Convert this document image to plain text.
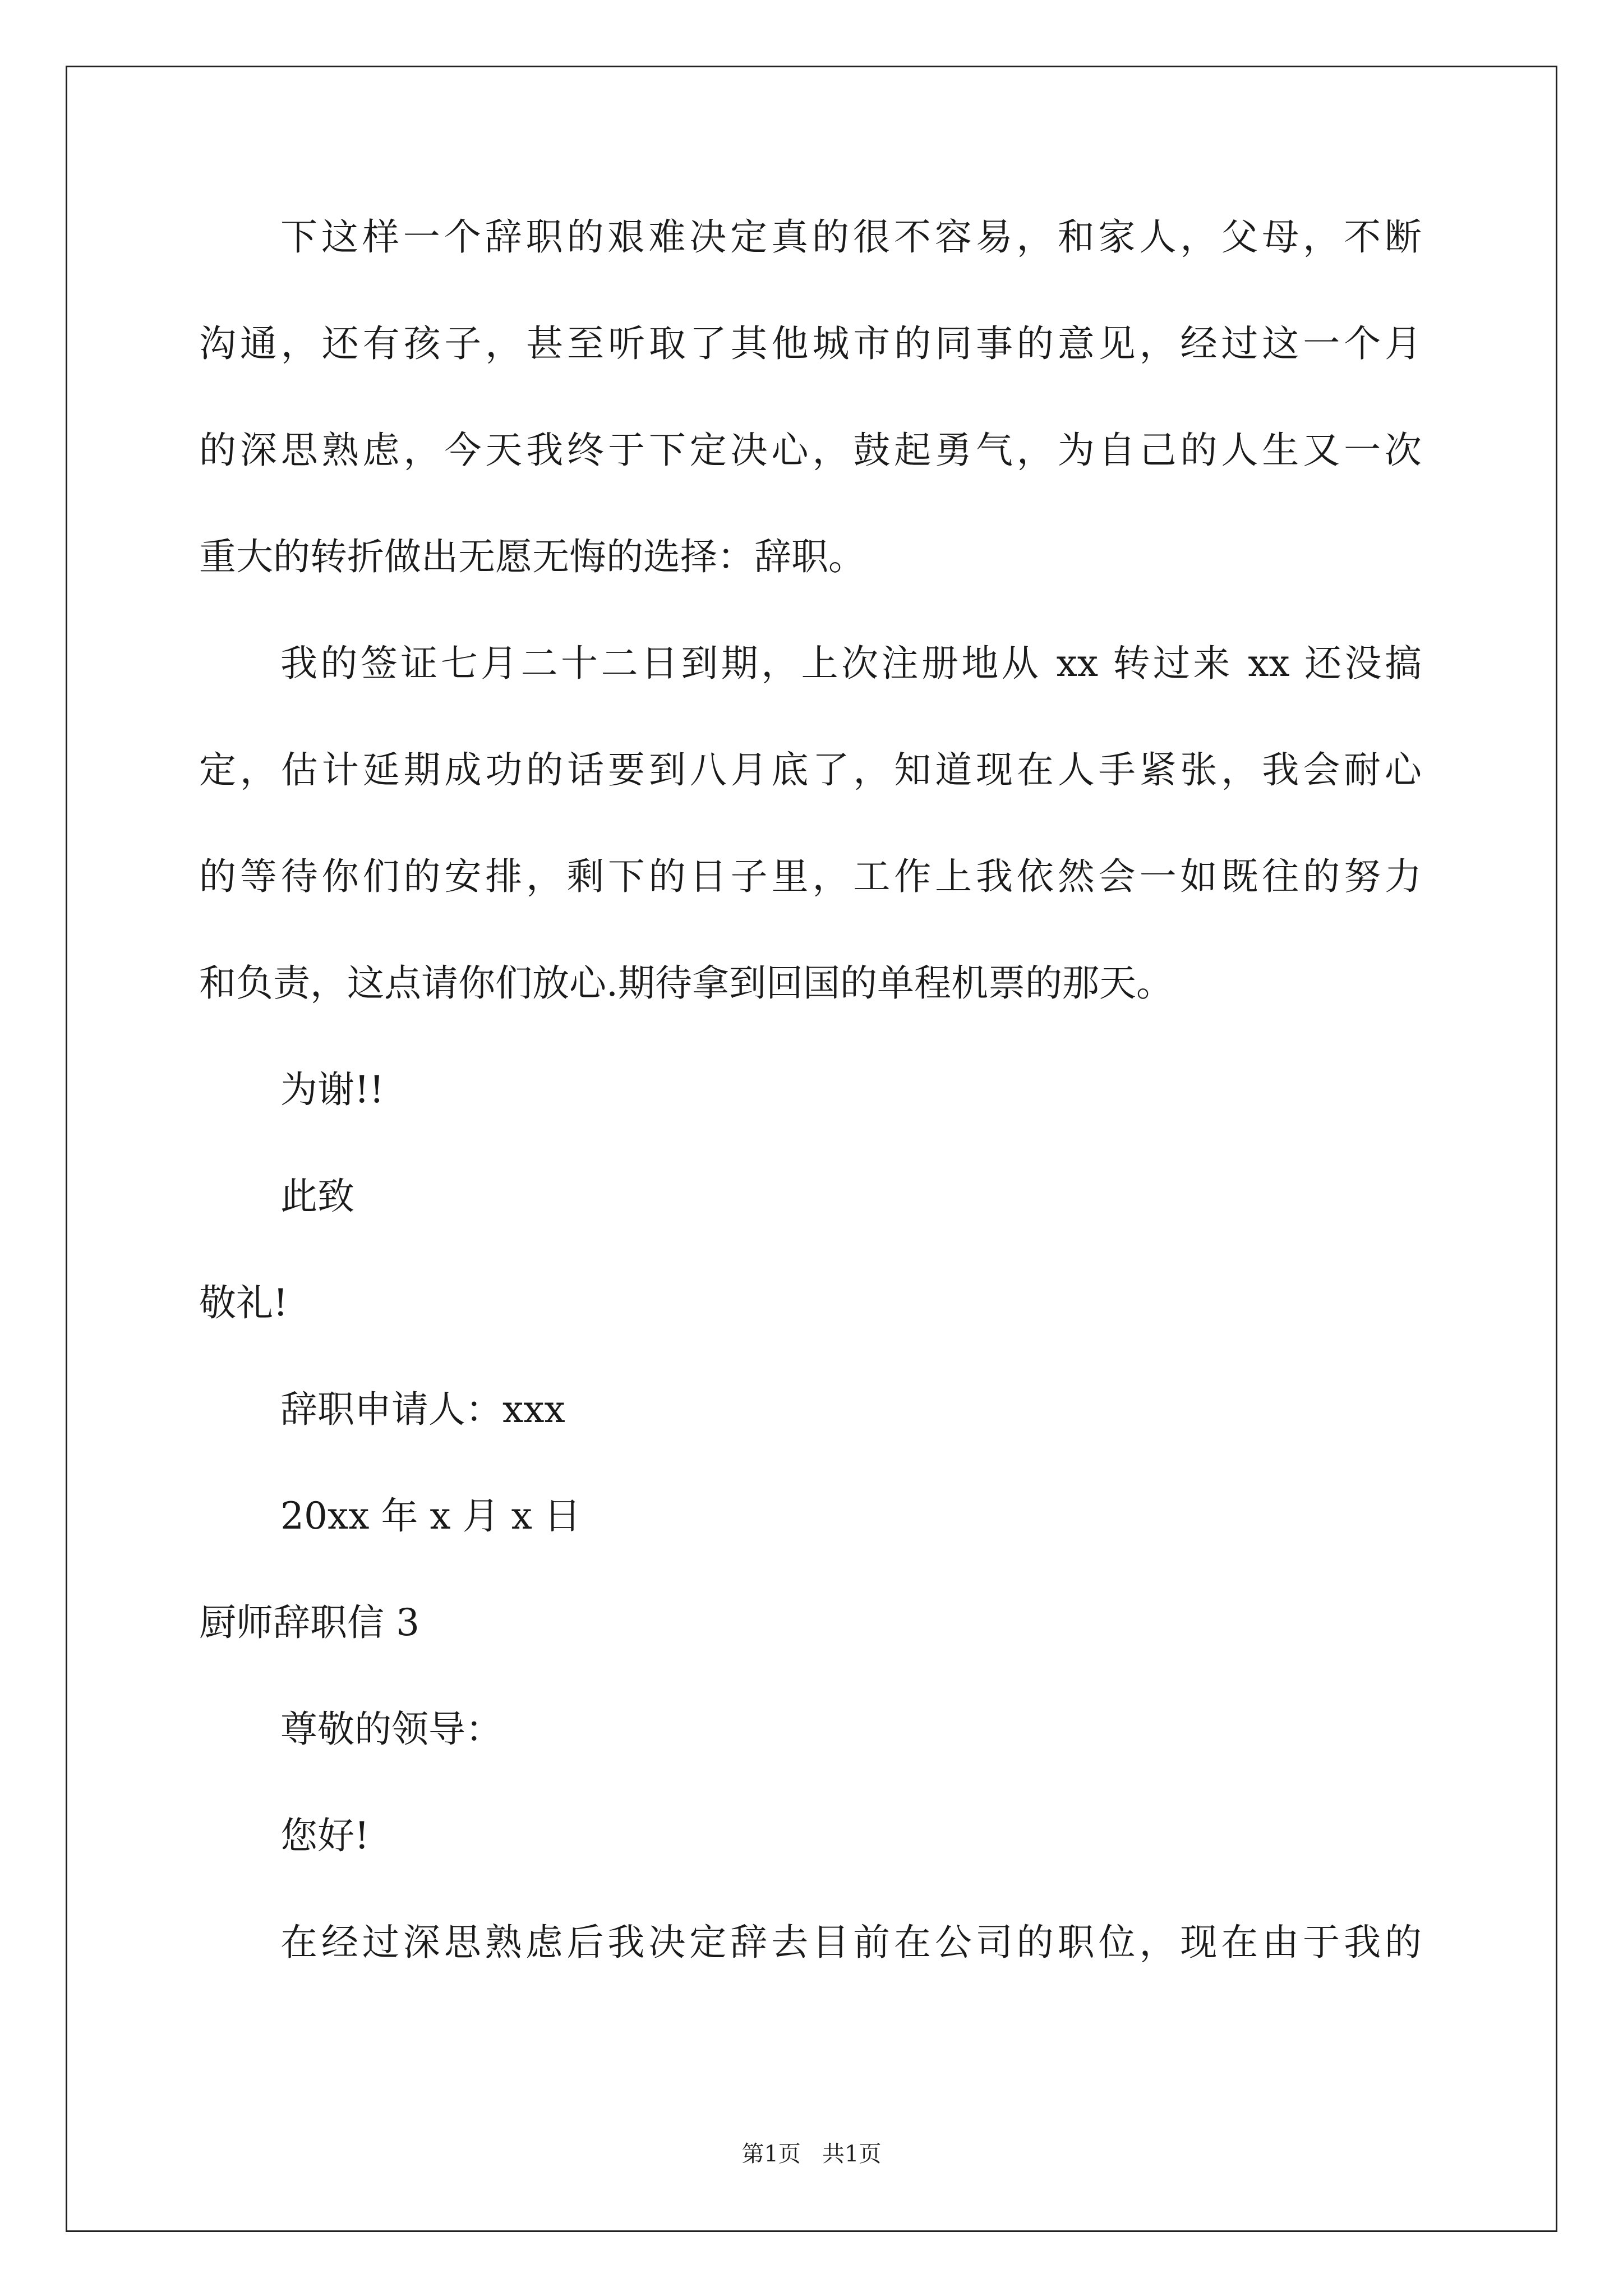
下这样一个辞职的艰难决定真的很不容易，和家人，父母，不断
沟通，还有孩子，甚至听取了其他城市的同事的意见，经过这一个月
的深思熟虑，今天我终于下定决心，鼓起勇气，为自己的人生又一次
重大的转折做出无愿无悔的选择：辞职。
我的签证七月二十二日到期，上次注册地从 xx 转过来 xx 还没搞
定，估计延期成功的话要到八月底了，知道现在人手紧张，我会耐心
的等待你们的安排，剩下的日子里，工作上我依然会一如既往的努力
和负责，这点请你们放心.期待拿到回国的单程机票的那天。
为谢!!
此致
敬礼!
辞职申请人：xxx
20xx 年 x 月 x 日
厨师辞职信 3
尊敬的领导：
您好!
在经过深思熟虑后我决定辞去目前在公司的职位，现在由于我的
第1页   共1页
